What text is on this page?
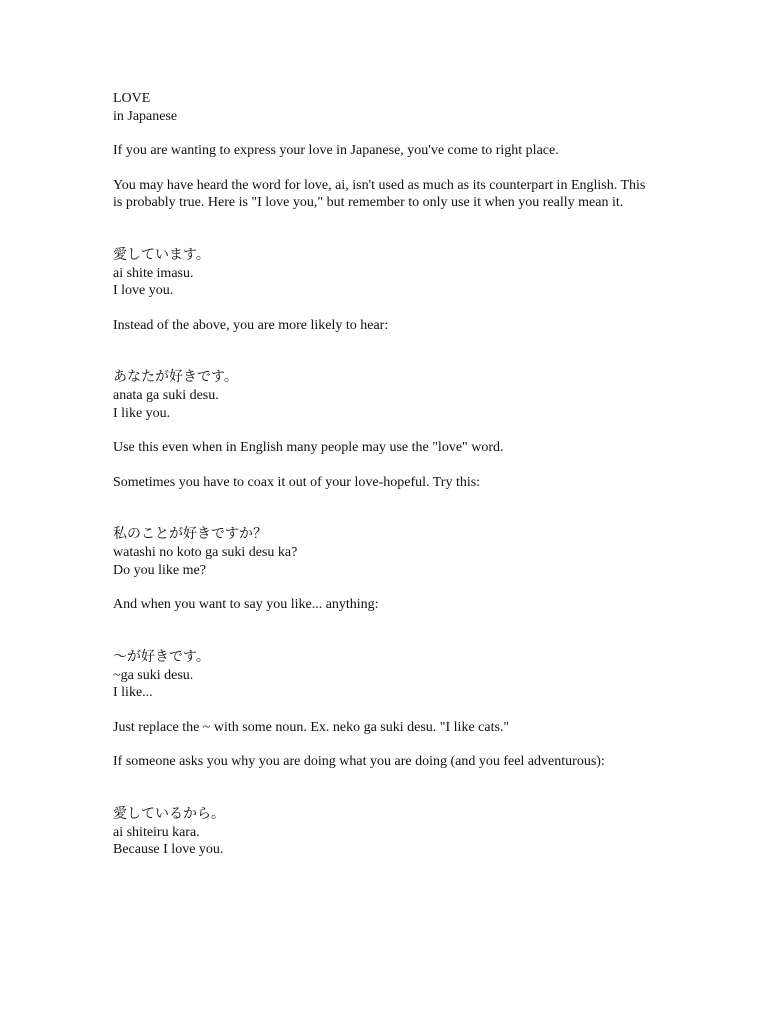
LOVE

in Japanese

If you are wanting to express your love in Japanese, you've come to right place.

You may have heard the word for love, ai, isn't used as much as its counterpart in English. This is probably true. Here is "I love you," but remember to only use it when you really mean it.

愛しています。

ai shite imasu.

I love you.

Instead of the above, you are more likely to hear:

あなたが好きです。

anata ga suki desu.

I like you.

Use this even when in English many people may use the "love" word.

Sometimes you have to coax it out of your love-hopeful. Try this:

私のことが好きですか？

watashi no koto ga suki desu ka?

Do you like me?

And when you want to say you like... anything:

～が好きです。

~ga suki desu.

I like...

Just replace the ~ with some noun. Ex. neko ga suki desu. "I like cats."

If someone asks you why you are doing what you are doing (and you feel adventurous):

愛しているから。

ai shiteiru kara.

Because I love you.
